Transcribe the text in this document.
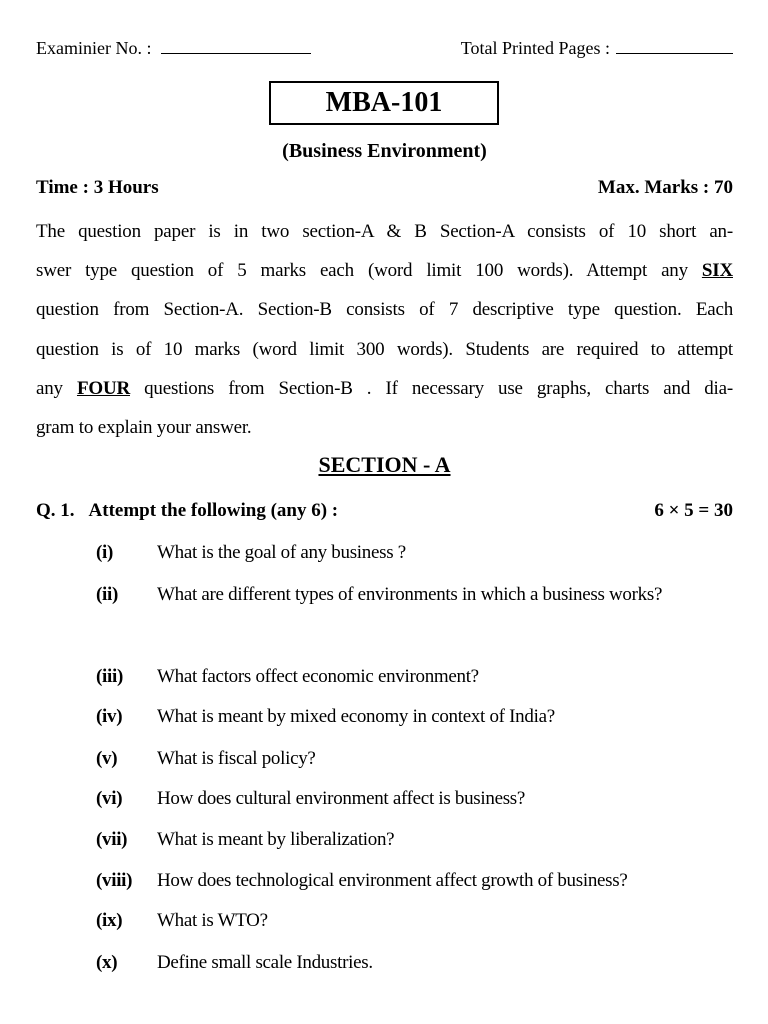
Examinier No. :	Total Printed Pages :
MBA-101
(Business Environment)
Time : 3 Hours	Max. Marks : 70
The question paper is in two section-A & B Section-A consists of 10 short an-
swer type question of 5 marks each (word limit 100 words). Attempt any SIX
question from Section-A. Section-B consists of 7 descriptive type question. Each
question is of 10 marks (word limit 300 words). Students are required to attempt
any FOUR questions from Section-B . If necessary use graphs, charts and dia-
gram to explain your answer.
SECTION - A
Q. 1. Attempt the following (any 6) :	6 × 5 = 30
(i)	What is the goal of any business ?
(ii)	What are different types of environments in which a business works?
(iii)	What factors offect economic environment?
(iv)	What is meant by mixed economy in context of India?
(v)	What is fiscal policy?
(vi)	How does cultural environment affect is business?
(vii)	What is meant by liberalization?
(viii)	How does technological environment affect growth of business?
(ix)	What is WTO?
(x)	Define small scale Industries.
